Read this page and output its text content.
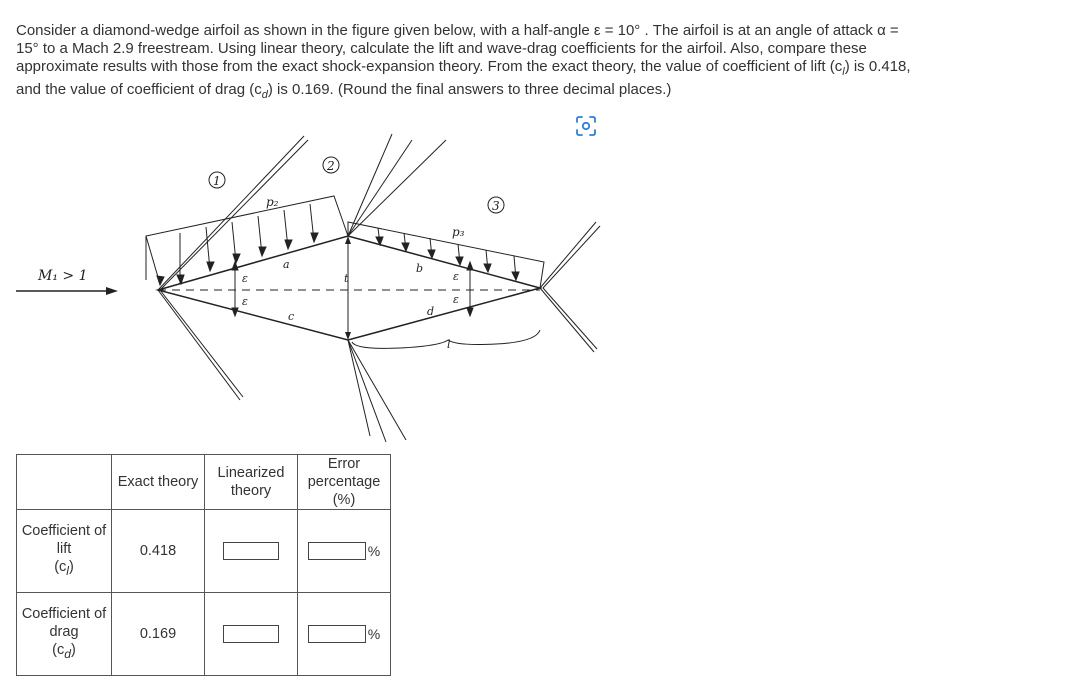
Consider a diamond-wedge airfoil as shown in the figure given below, with a half-angle ε = 10° . The airfoil is at an angle of attack α =
15° to a Mach 2.9 freestream. Using linear theory, calculate the lift and wave-drag coefficients for the airfoil. Also, compare these
approximate results with those from the exact shock-expansion theory. From the exact theory, the value of coefficient of lift $(c_l)$ is 0.418,
and the value of coefficient of drag $(c_d)$ is 0.169. (Round the final answers to three decimal places.)
M₁ > 1
1
2
3
p₂
p₃
a	b
c	d
ε
ε
ε
ε
t
l
	Exact theory	Linearized theory	Error percentage (%)
Coefficient of lift
$(c_l)$	0.418		%

Coefficient of drag
$(c_d)$	0.169		%
